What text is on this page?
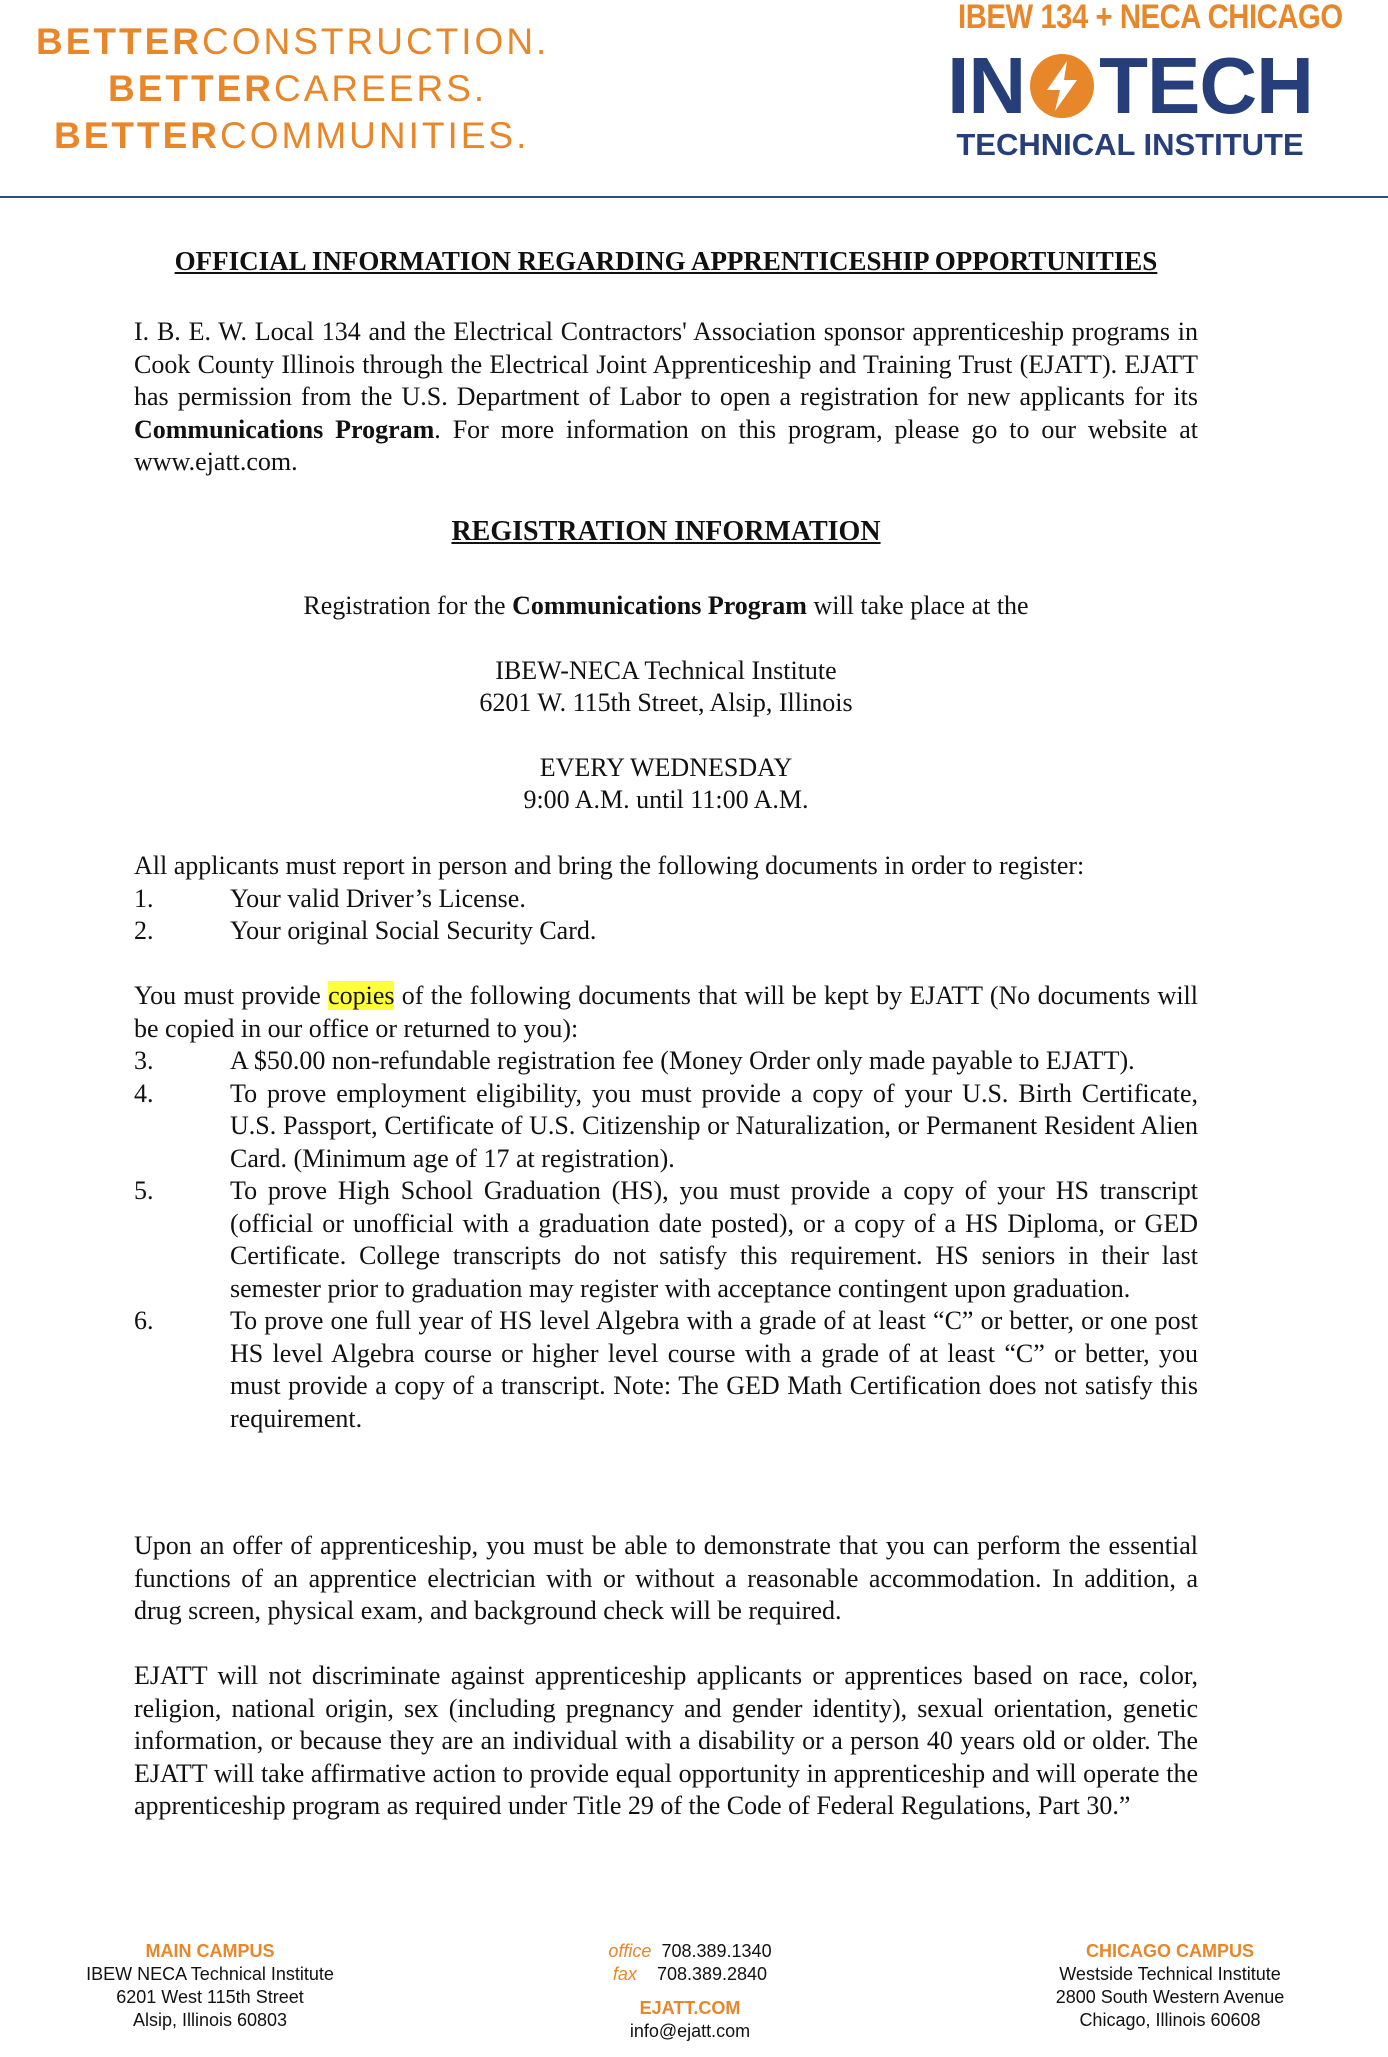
BETTERCONSTRUCTION.
BETTERCAREERS.
BETTERCOMMUNITIES.
IBEW 134 + NECA CHICAGO
IN TECH
TECHNICAL INSTITUTE
OFFICIAL INFORMATION REGARDING APPRENTICESHIP OPPORTUNITIES

I. B. E. W. Local 134 and the Electrical Contractors' Association sponsor apprenticeship programs in Cook County Illinois through the Electrical Joint Apprenticeship and Training Trust (EJATT). EJATT has permission from the U.S. Department of Labor to open a registration for new applicants for its Communications Program. For more information on this program, please go to our website at www.ejatt.com.

REGISTRATION INFORMATION

Registration for the Communications Program will take place at the

IBEW-NECA Technical Institute

6201 W. 115th Street, Alsip, Illinois

EVERY WEDNESDAY

9:00 A.M. until 11:00 A.M.

All applicants must report in person and bring the following documents in order to register:

1.	Your valid Driver’s License.
2.	Your original Social Security Card.

You must provide copies of the following documents that will be kept by EJATT (No documents will be copied in our office or returned to you):

3.	A $50.00 non-refundable registration fee (Money Order only made payable to EJATT).
4.	To prove employment eligibility, you must provide a copy of your U.S. Birth Certificate, U.S. Passport, Certificate of U.S. Citizenship or Naturalization, or Permanent Resident Alien Card. (Minimum age of 17 at registration).
5.	To prove High School Graduation (HS), you must provide a copy of your HS transcript (official or unofficial with a graduation date posted), or a copy of a HS Diploma, or GED Certificate. College transcripts do not satisfy this requirement. HS seniors in their last semester prior to graduation may register with acceptance contingent upon graduation.
6.	To prove one full year of HS level Algebra with a grade of at least “C” or better, or one post HS level Algebra course or higher level course with a grade of at least “C” or better, you must provide a copy of a transcript. Note: The GED Math Certification does not satisfy this requirement.

Upon an offer of apprenticeship, you must be able to demonstrate that you can perform the essential functions of an apprentice electrician with or without a reasonable accommodation. In addition, a drug screen, physical exam, and background check will be required.

EJATT will not discriminate against apprenticeship applicants or apprentices based on race, color, religion, national origin, sex (including pregnancy and gender identity), sexual orientation, genetic information, or because they are an individual with a disability or a person 40 years old or older. The EJATT will take affirmative action to provide equal opportunity in apprenticeship and will operate the apprenticeship program as required under Title 29 of the Code of Federal Regulations, Part 30.”

MAIN CAMPUS
IBEW NECA Technical Institute
6201 West 115th Street
Alsip, Illinois 60803
office 708.389.1340
fax 708.389.2840
EJATT.COM
info@ejatt.com
CHICAGO CAMPUS
Westside Technical Institute
2800 South Western Avenue
Chicago, Illinois 60608
